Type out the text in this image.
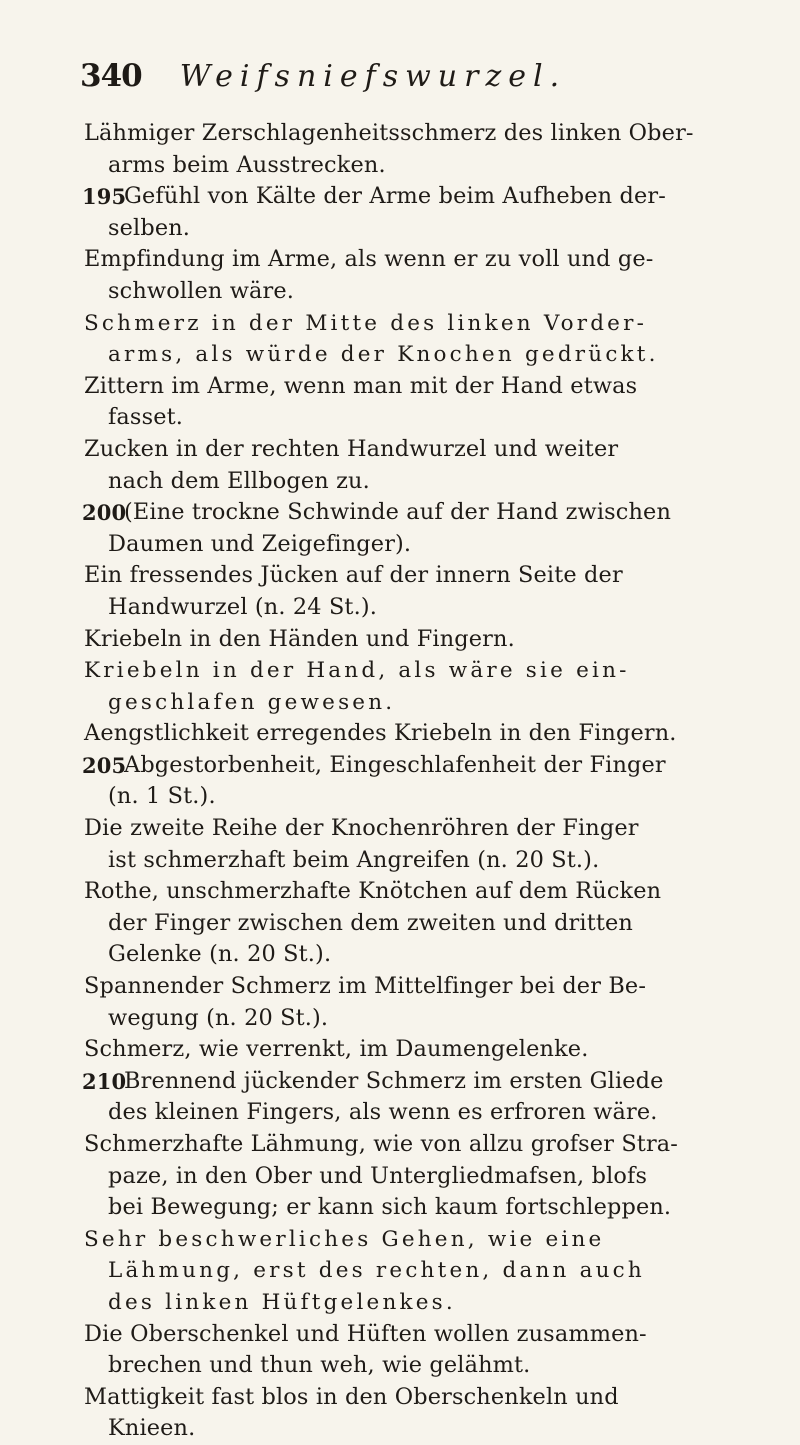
340 Weifsniefswurzel.
Lähmiger Zerschlagenheitsschmerz des linken Ober-
arms beim Ausstrecken.
195
Gefühl von Kälte der Arme beim Aufheben der-
selben.
Empfindung im Arme, als wenn er zu voll und ge-
schwollen wäre.
Schmerz in der Mitte des linken Vorder-
arms, als würde der Knochen gedrückt.
Zittern im Arme, wenn man mit der Hand etwas
fasset.
Zucken in der rechten Handwurzel und weiter
nach dem Ellbogen zu.
200
(Eine trockne Schwinde auf der Hand zwischen
Daumen und Zeigefinger).
Ein fressendes Jücken auf der innern Seite der
Handwurzel (n. 24 St.).
Kriebeln in den Händen und Fingern.
Kriebeln in der Hand, als wäre sie ein-
geschlafen gewesen.
Aengstlichkeit erregendes Kriebeln in den Fingern.
205
Abgestorbenheit, Eingeschlafenheit der Finger
(n. 1 St.).
Die zweite Reihe der Knochenröhren der Finger
ist schmerzhaft beim Angreifen (n. 20 St.).
Rothe, unschmerzhafte Knötchen auf dem Rücken
der Finger zwischen dem zweiten und dritten
Gelenke (n. 20 St.).
Spannender Schmerz im Mittelfinger bei der Be-
wegung (n. 20 St.).
Schmerz, wie verrenkt, im Daumengelenke.
210
Brennend jückender Schmerz im ersten Gliede
des kleinen Fingers, als wenn es erfroren wäre.
Schmerzhafte Lähmung, wie von allzu grofser Stra-
paze, in den Ober und Untergliedmafsen, blofs
bei Bewegung; er kann sich kaum fortschleppen.
Sehr beschwerliches Gehen, wie eine
Lähmung, erst des rechten, dann auch
des linken Hüftgelenkes.
Die Oberschenkel und Hüften wollen zusammen-
brechen und thun weh, wie gelähmt.
Mattigkeit fast blos in den Oberschenkeln und
Knieen.
